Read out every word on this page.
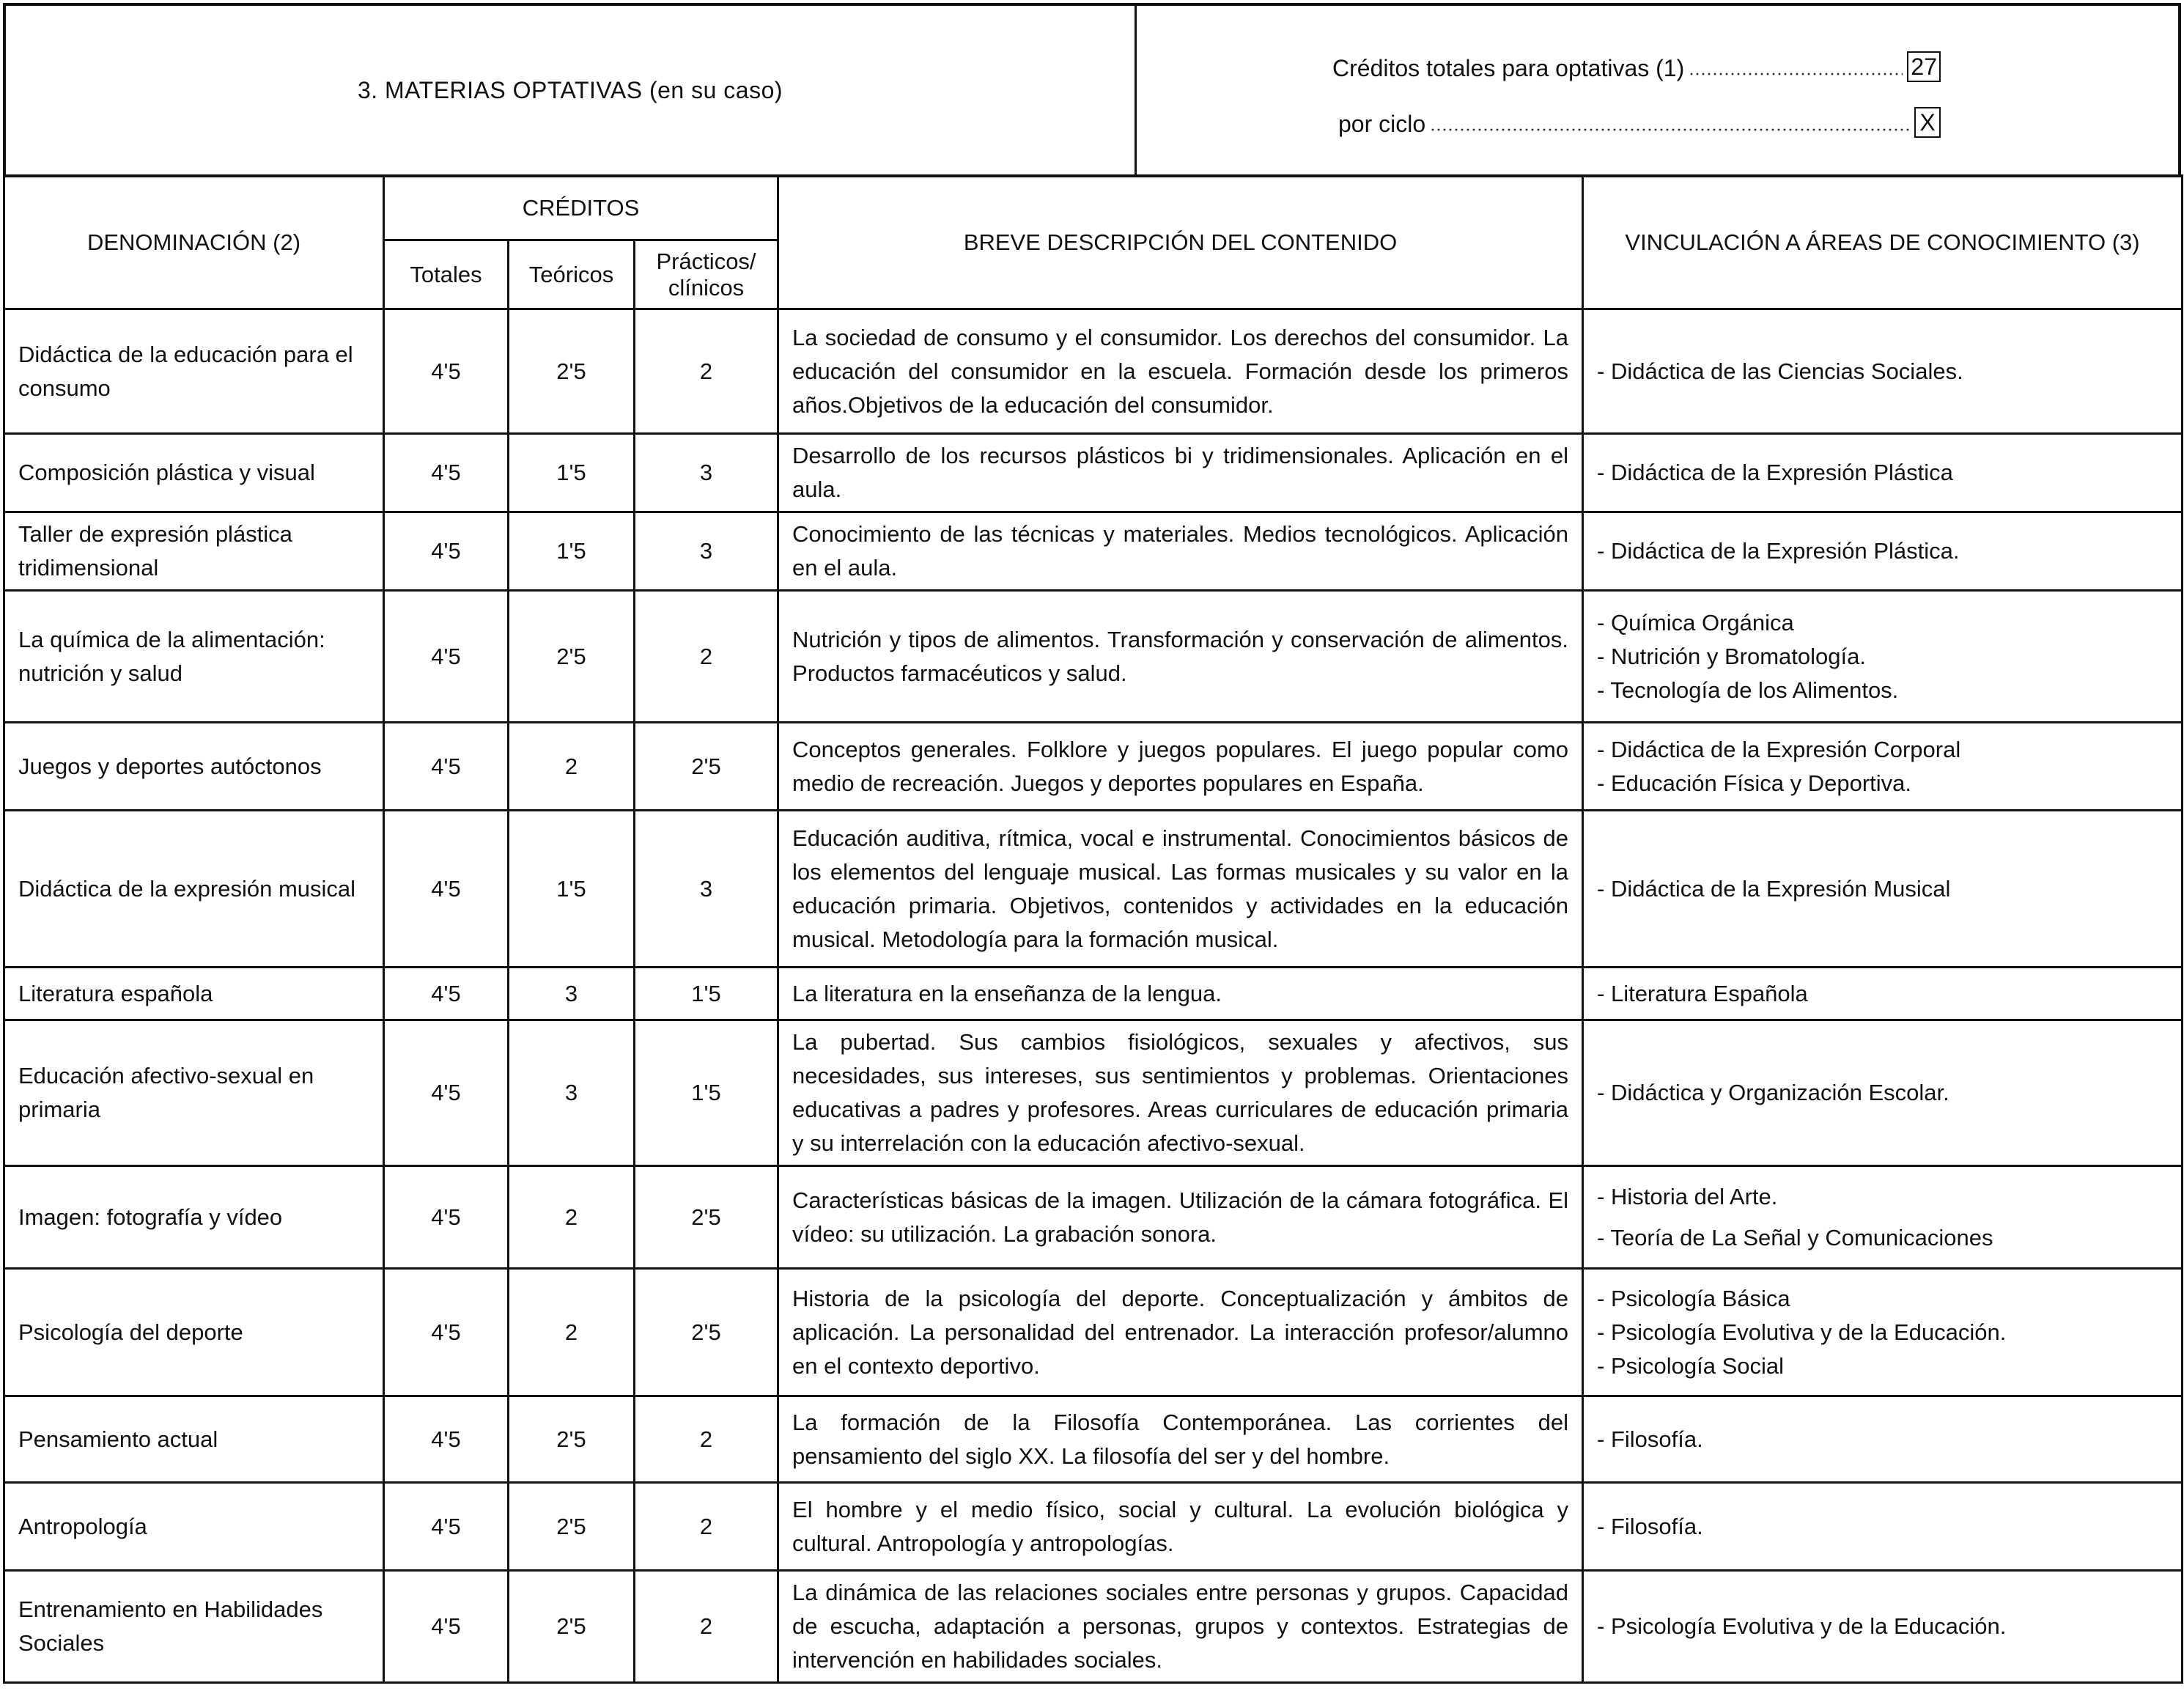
3. MATERIAS OPTATIVAS (en su caso)
Créditos totales para optativas (1)	27
por ciclo	X
DENOMINACIÓN (2)	CRÉDITOS			BREVE DESCRIPCIÓN DEL CONTENIDO	VINCULACIÓN A ÁREAS DE CONOCIMIENTO (3)
	Totales	Teóricos	Prácticos/ clínicos		
Didáctica de la educación para el consumo	4'5	2'5	2	La sociedad de consumo y el consumidor. Los derechos del consumidor. La educación del consumidor en la escuela. Formación desde los primeros años.Objetivos de la educación del consumidor.	- Didáctica de las Ciencias Sociales.

Composición plástica y visual	4'5	1'5	3	Desarrollo de los recursos plásticos bi y tridimensionales. Aplicación en el aula.	- Didáctica de la Expresión Plástica

Taller de expresión plástica tridimensional	4'5	1'5	3	Conocimiento de las técnicas y materiales. Medios tecnológicos. Aplicación en el aula.	- Didáctica de la Expresión Plástica.

La química de la alimentación: nutrición y salud	4'5	2'5	2	Nutrición y tipos de alimentos. Transformación y conservación de alimentos. Productos farmacéuticos y salud.	- Química Orgánica
- Nutrición y Bromatología.
- Tecnología de los Alimentos.

Juegos y deportes autóctonos	4'5	2	2'5	Conceptos generales. Folklore y juegos populares. El juego popular como medio de recreación. Juegos y deportes populares en España.	- Didáctica de la Expresión Corporal
- Educación Física y Deportiva.

Didáctica de la expresión musical	4'5	1'5	3	Educación auditiva, rítmica, vocal e instrumental. Conocimientos básicos de los elementos del lenguaje musical. Las formas musicales y su valor en la educación primaria. Objetivos, contenidos y actividades en la educación musical. Metodología para la formación musical.	- Didáctica de la Expresión Musical

Literatura española	4'5	3	1'5	La literatura en la enseñanza de la lengua.	- Literatura Española

Educación afectivo-sexual en primaria	4'5	3	1'5	La pubertad. Sus cambios fisiológicos, sexuales y afectivos, sus necesidades, sus intereses, sus sentimientos y problemas. Orientaciones educativas a padres y profesores. Areas curriculares de educación primaria y su interrelación con la educación afectivo-sexual.	- Didáctica y Organización Escolar.

Imagen: fotografía y vídeo	4'5	2	2'5	Características básicas de la imagen. Utilización de la cámara fotográfica. El vídeo: su utilización. La grabación sonora.	- Historia del Arte.
- Teoría de La Señal y Comunicaciones

Psicología del deporte	4'5	2	2'5	Historia de la psicología del deporte. Conceptualización y ámbitos de aplicación. La personalidad del entrenador. La interacción profesor/alumno en el contexto deportivo.	- Psicología Básica
- Psicología Evolutiva y de la Educación.
- Psicología Social

Pensamiento actual	4'5	2'5	2	La formación de la Filosofía Contemporánea. Las corrientes del pensamiento del siglo XX. La filosofía del ser y del hombre.	- Filosofía.

Antropología	4'5	2'5	2	El hombre y el medio físico, social y cultural. La evolución biológica y cultural. Antropología y antropologías.	- Filosofía.

Entrenamiento en Habilidades Sociales	4'5	2'5	2	La dinámica de las relaciones sociales entre personas y grupos. Capacidad de escucha, adaptación a personas, grupos y contextos. Estrategias de intervención en habilidades sociales.	- Psicología Evolutiva y de la Educación.
